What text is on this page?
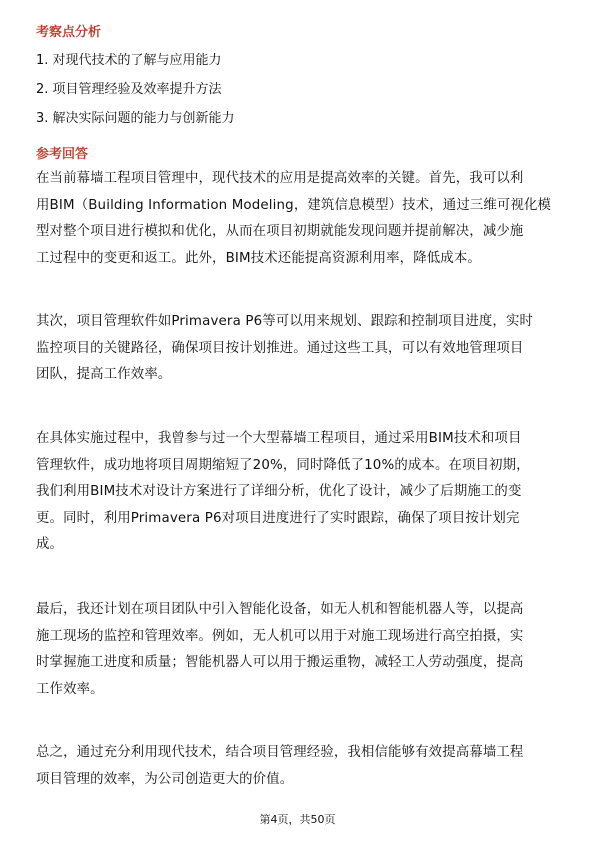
考察点分析
1. 对现代技术的了解与应用能力
2. 项目管理经验及效率提升方法
3. 解决实际问题的能力与创新能力
参考回答
在当前幕墙工程项目管理中，现代技术的应用是提高效率的关键。首先，我可以利
用BIM（Building Information Modeling，建筑信息模型）技术，通过三维可视化模
型对整个项目进行模拟和优化，从而在项目初期就能发现问题并提前解决，减少施
工过程中的变更和返工。此外，BIM技术还能提高资源利用率，降低成本。
其次，项目管理软件如Primavera P6等可以用来规划、跟踪和控制项目进度，实时
监控项目的关键路径，确保项目按计划推进。通过这些工具，可以有效地管理项目
团队，提高工作效率。
在具体实施过程中，我曾参与过一个大型幕墙工程项目，通过采用BIM技术和项目
管理软件，成功地将项目周期缩短了20%，同时降低了10%的成本。在项目初期，
我们利用BIM技术对设计方案进行了详细分析，优化了设计，减少了后期施工的变
更。同时，利用Primavera P6对项目进度进行了实时跟踪，确保了项目按计划完
成。
最后，我还计划在项目团队中引入智能化设备，如无人机和智能机器人等，以提高
施工现场的监控和管理效率。例如，无人机可以用于对施工现场进行高空拍摄，实
时掌握施工进度和质量；智能机器人可以用于搬运重物，减轻工人劳动强度，提高
工作效率。
总之，通过充分利用现代技术，结合项目管理经验，我相信能够有效提高幕墙工程
项目管理的效率，为公司创造更大的价值。
第4页，共50页
